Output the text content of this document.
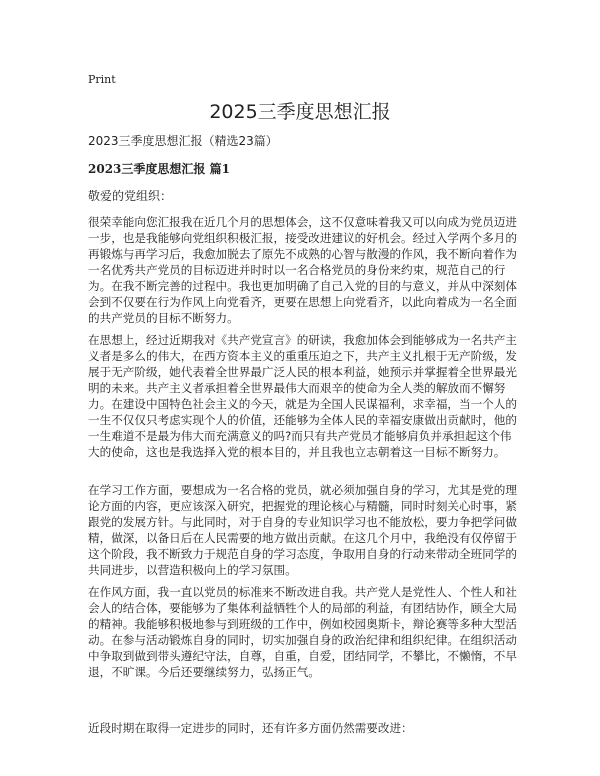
Print
2025三季度思想汇报

2023三季度思想汇报（精选23篇）

2023三季度思想汇报 篇1

敬爱的党组织：

很荣幸能向您汇报我在近几个月的思想体会，这不仅意味着我又可以向成为党员迈进一步，也是我能够向党组织积极汇报，接受改进建议的好机会。经过入学两个多月的再锻炼与再学习后，我愈加脱去了原先不成熟的心智与散漫的作风，我不断向着作为一名优秀共产党员的目标迈进并时时以一名合格党员的身份来约束，规范自己的行为。在我不断完善的过程中。我也更加明确了自己入党的目的与意义，并从中深刻体会到不仅要在行为作风上向党看齐，更要在思想上向党看齐，以此向着成为一名全面的共产党员的目标不断努力。

在思想上，经过近期我对《共产党宣言》的研读，我愈加体会到能够成为一名共产主义者是多么的伟大，在西方资本主义的重重压迫之下，共产主义扎根于无产阶级，发展于无产阶级，她代表着全世界最广泛人民的根本利益，她预示并掌握着全世界最光明的未来。共产主义者承担着全世界最伟大而艰辛的使命为全人类的解放而不懈努力。在建设中国特色社会主义的今天，就是为全国人民谋福利，求幸福，当一个人的一生不仅仅只考虑实现个人的价值，还能够为全体人民的幸福安康做出贡献时，他的一生难道不是最为伟大而充满意义的吗?而只有共产党员才能够肩负并承担起这个伟大的使命，这也是我选择入党的根本目的，并且我也立志朝着这一目标不断努力。

在学习工作方面，要想成为一名合格的党员，就必须加强自身的学习，尤其是党的理论方面的内容，更应该深入研究，把握党的理论核心与精髓，同时时刻关心时事，紧跟党的发展方针。与此同时，对于自身的专业知识学习也不能放松，要力争把学问做精，做深，以备日后在人民需要的地方做出贡献。在这几个月中，我绝没有仅停留于这个阶段，我不断致力于规范自身的学习态度，争取用自身的行动来带动全班同学的共同进步，以营造积极向上的学习氛围。

在作风方面，我一直以党员的标准来不断改进自我。共产党人是党性人、个性人和社会人的结合体，要能够为了集体利益牺牲个人的局部的利益，有团结协作，顾全大局的精神。我能够积极地参与到班级的工作中，例如校园奥斯卡，辩论赛等多种大型活动。在参与活动锻炼自身的同时，切实加强自身的政治纪律和组织纪律。在组织活动中争取到做到带头遵纪守法，自尊，自重，自爱，团结同学，不攀比，不懒惰，不早退，不旷课。今后还要继续努力，弘扬正气。

近段时期在取得一定进步的同时，还有许多方面仍然需要改进：
